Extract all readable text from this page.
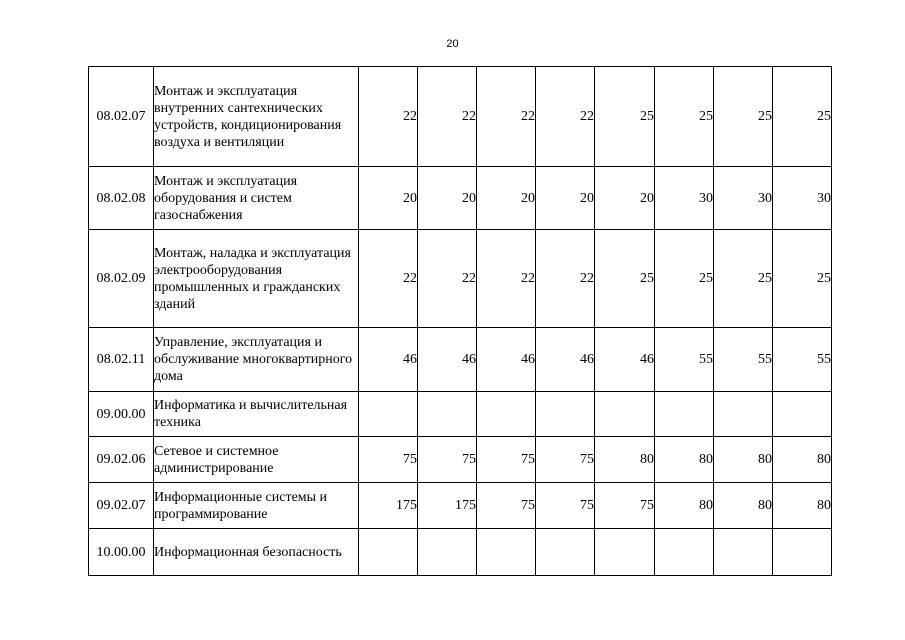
20
08.02.07	Монтаж и эксплуатация внутренних сантехнических устройств, кондиционирования воздуха и вентиляции	22	22	22	22	25	25	25	25
08.02.08	Монтаж и эксплуатация оборудования и систем газоснабжения	20	20	20	20	20	30	30	30
08.02.09	Монтаж, наладка и эксплуатация электрооборудования промышленных и гражданских зданий	22	22	22	22	25	25	25	25
08.02.11	Управление, эксплуатация и обслуживание многоквартирного дома	46	46	46	46	46	55	55	55
09.00.00	Информатика и вычислительная техника								
09.02.06	Сетевое и системное администрирование	75	75	75	75	80	80	80	80
09.02.07	Информационные системы и программирование	175	175	75	75	75	80	80	80
10.00.00	Информационная безопасность								
